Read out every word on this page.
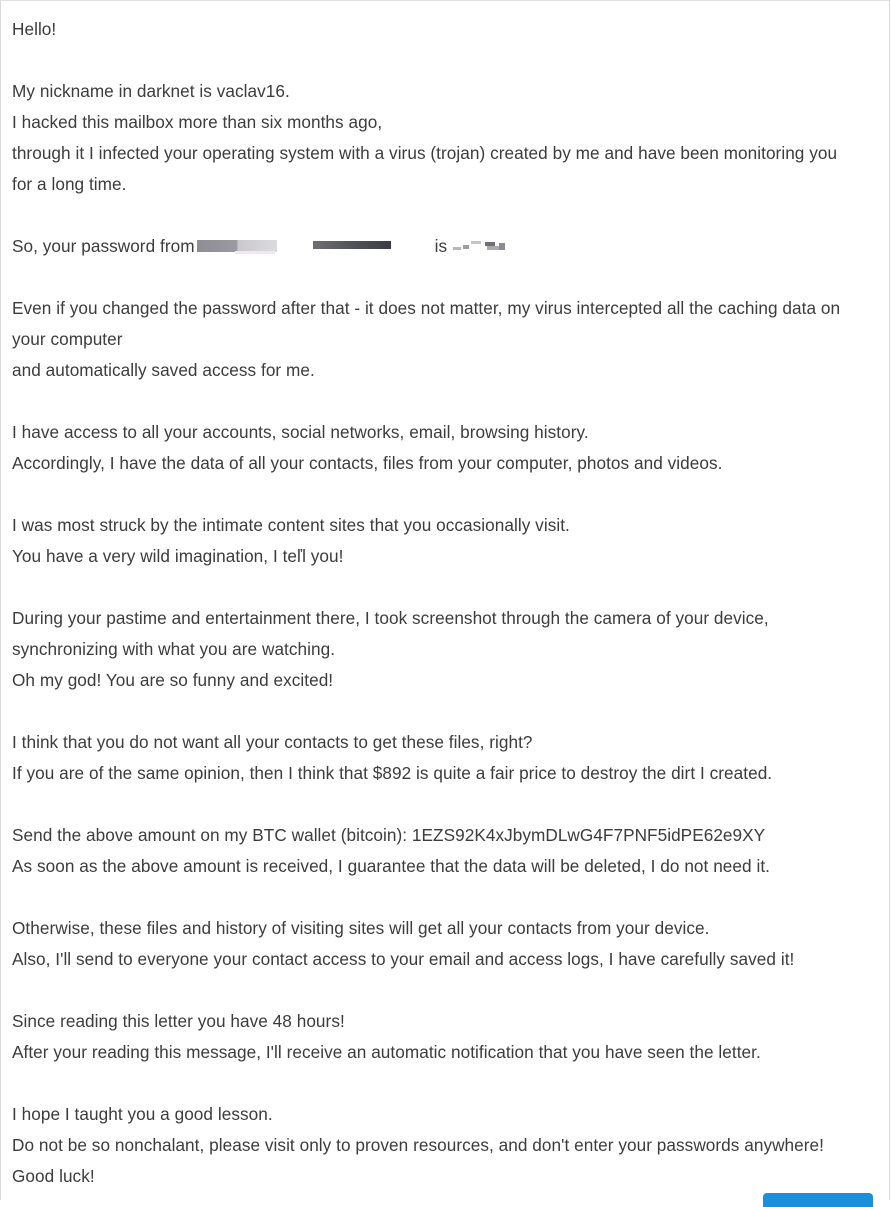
Hello!
My nickname in darknet is vaclav16.
I hacked this mailbox more than six months ago,
through it I infected your operating system with a virus (trojan) created by me and have been monitoring you
for a long time.
So, your password from	is
Even if you changed the password after that - it does not matter, my virus intercepted all the caching data on
your computer
and automatically saved access for me.
I have access to all your accounts, social networks, email, browsing history.
Accordingly, I have the data of all your contacts, files from your computer, photos and videos.
I was most struck by the intimate content sites that you occasionally visit.
You have a very wild imagination, I teľl you!
During your pastime and entertainment there, I took screenshot through the camera of your device,
synchronizing with what you are watching.
Oh my god! You are so funny and excited!
I think that you do not want all your contacts to get these files, right?
If you are of the same opinion, then I think that $892 is quite a fair price to destroy the dirt I created.
Send the above amount on my BTC wallet (bitcoin): 1EZS92K4xJbymDLwG4F7PNF5idPE62e9XY
As soon as the above amount is received, I guarantee that the data will be deleted, I do not need it.
Otherwise, these files and history of visiting sites will get all your contacts from your device.
Also, I'll send to everyone your contact access to your email and access logs, I have carefully saved it!
Since reading this letter you have 48 hours!
After your reading this message, I'll receive an automatic notification that you have seen the letter.
I hope I taught you a good lesson.
Do not be so nonchalant, please visit only to proven resources, and don't enter your passwords anywhere!
Good luck!
